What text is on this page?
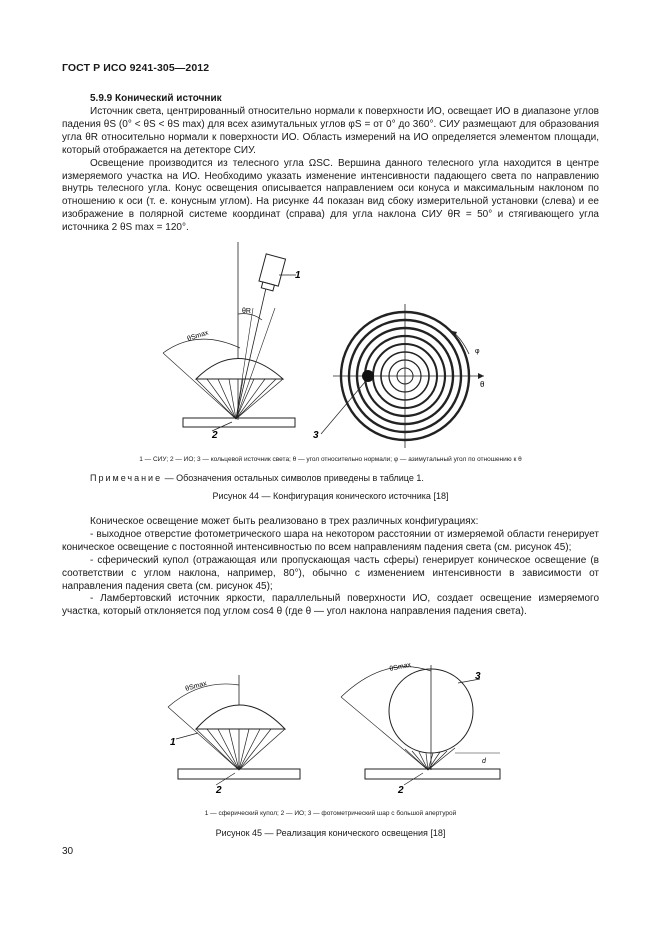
ГОСТ Р ИСО 9241-305—2012
5.9.9 Конический источник

Источник света, центрированный относительно нормали к поверхности ИО, освещает ИО в диапазоне углов падения θS (0° < θS < θS max) для всех азимутальных углов φS = от 0° до 360°. СИУ размещают для образования угла θR относительно нормали к поверхности ИО. Область измерений на ИО определяется элементом площади, который отображается на детекторе СИУ.

Освещение производится из телесного угла ΩSC. Вершина данного телесного угла находится в центре измеряемого участка на ИО. Необходимо указать изменение интенсивности падающего света по направлению внутрь телесного угла. Конус освещения описывается направлением оси конуса и максимальным наклоном по отношению к оси (т. е. конусным углом). На рисунке 44 показан вид сбоку измерительной установки (слева) и ее изображение в полярной системе координат (справа) для угла наклона СИУ θR = 50° и стягивающего угла источника 2 θS max = 120°.

1
2
θR
θSmax
φ
θ
3
1 — СИУ; 2 — ИО; 3 — кольцевой источник света; θ — угол относительно нормали; φ — азимутальный угол по отношению к θ
Примечание — Обозначения остальных символов приведены в таблице 1.
Рисунок 44 — Конфигурация конического источника [18]

Коническое освещение может быть реализовано в трех различных конфигурациях:

- выходное отверстие фотометрического шара на некотором расстоянии от измеряемой области генерирует коническое освещение с постоянной интенсивностью по всем направлениям падения света (см. рисунок 45);

- сферический купол (отражающая или пропускающая часть сферы) генерирует коническое освещение (в соответствии с углом наклона, например, 80°), обычно с изменением интенсивности в зависимости от направления падения света (см. рисунок 45);

- Ламбертовский источник яркости, параллельный поверхности ИО, создает освещение измеряемого участка, который отклоняется под углом cos4 θ (где θ — угол наклона направления падения света).

1
2
θSmax
3
2
d
θSmax
1 — сферический купол; 2 — ИО; 3 — фотометрический шар с большой апертурой
Рисунок 45 — Реализация конического освещения [18]
30
